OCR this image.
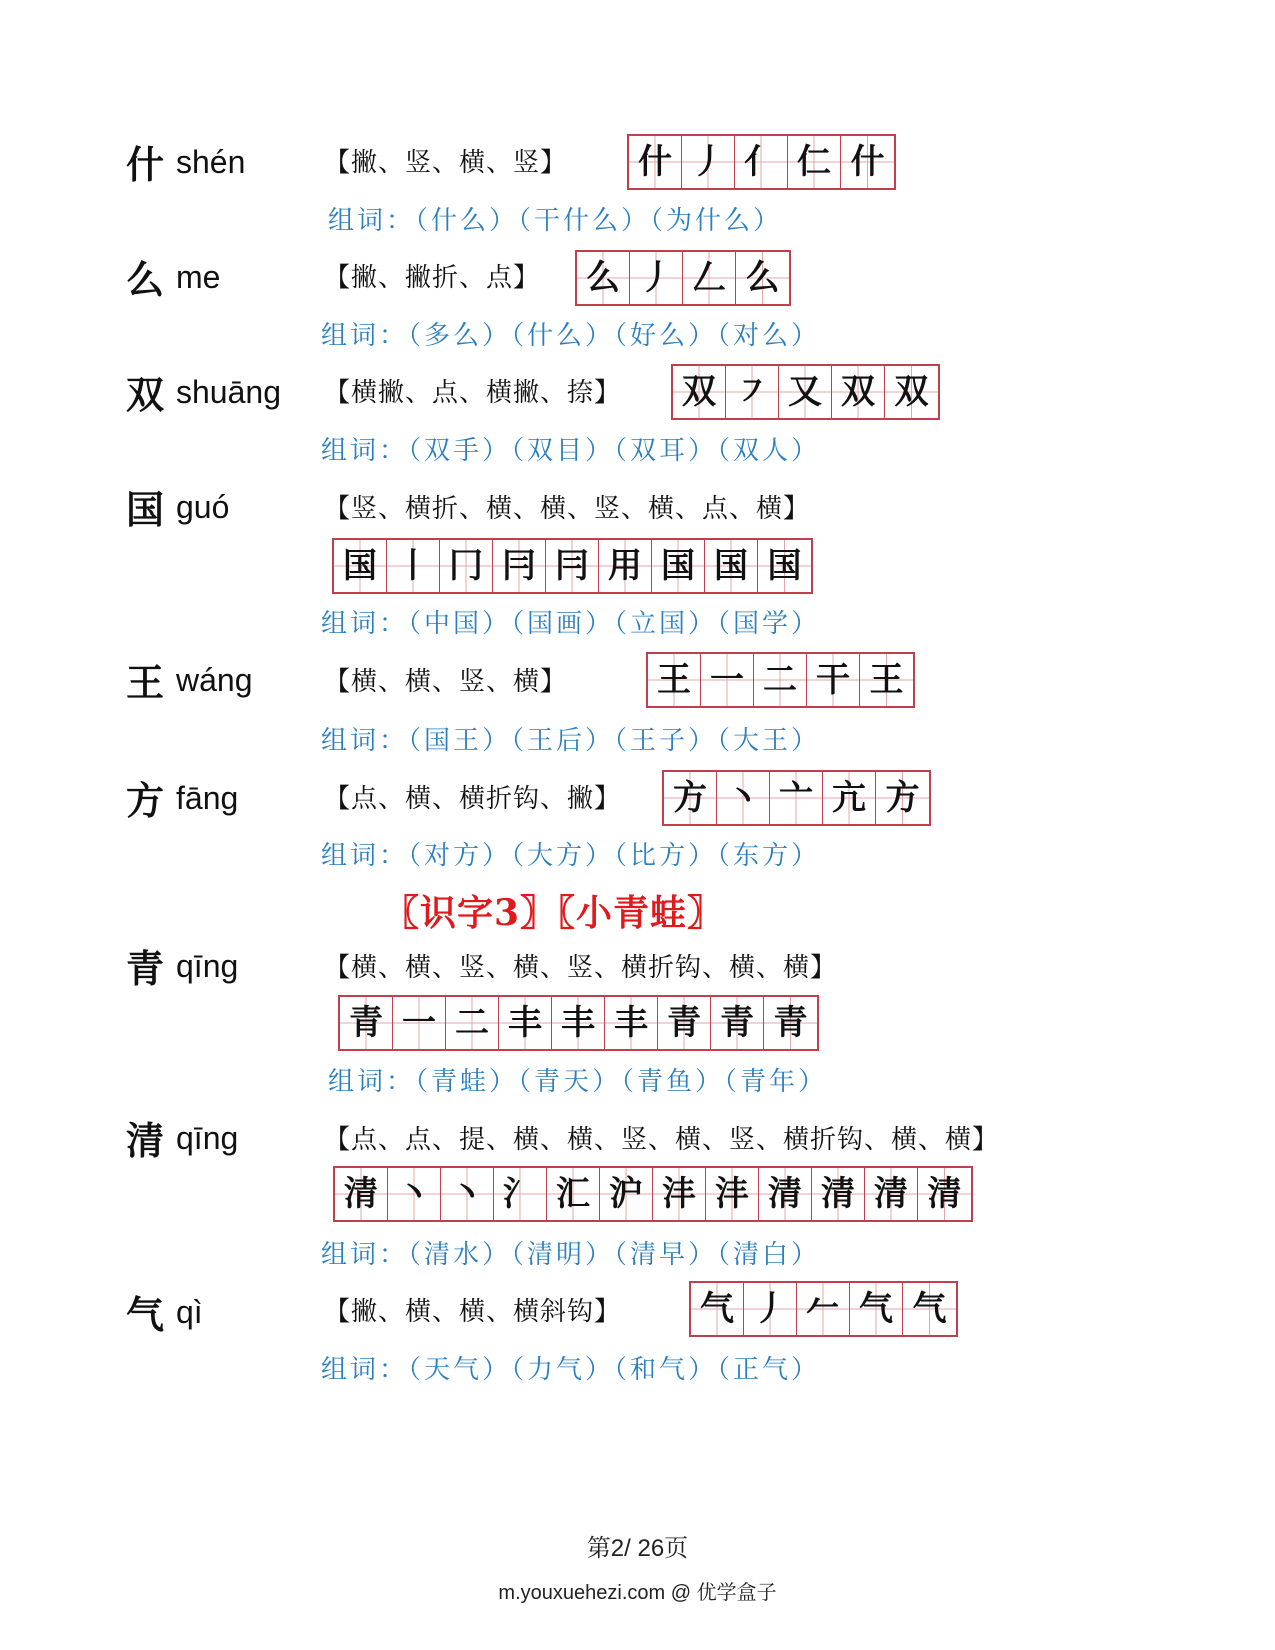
什 shén	【撇、竖、横、竖】 什 丿 亻 仁 什
组词：（什么）（干什么）（为什么）
么 me	【撇、撇折、点】 么 丿 𠃋 么
组词：（多么）（什么）（好么）（对么）
双 shuāng 【横撇、点、横撇、捺】 双 ㇇ 又 双 双
组词：（双手）（双目）（双耳）（双人）
国 guó	【竖、横折、横、横、竖、横、点、横】
国 丨 冂 冃 冃 用 国 国 国
组词：（中国）（国画）（立国）（国学）
王 wáng	【横、横、竖、横】	王 一 二 干 王
组词：（国王）（王后）（王子）（大王）
方 fāng	【点、横、横折钩、撇】 方 丶 亠 亢 方
组词：（对方）（大方）（比方）（东方）
〖识字3〗〖小青蛙〗
青 qīng	【横、横、竖、横、竖、横折钩、横、横】
青 一 二 丰 丰 丰 青 青 青
组词：（青蛙）（青天）（青鱼）（青年）
清 qīng	【点、点、提、横、横、竖、横、竖、横折钩、横、横】
清 丶 丶 氵 汇 沪 沣 沣 清 清 清 清
组词：（清水）（清明）（清早）（清白）
气 qì	【撇、横、横、横斜钩】 气 丿 𠂉 气 气
组词：（天气）（力气）（和气）（正气）
第2/ 26页
m.youxuehezi.com @ 优学盒子
